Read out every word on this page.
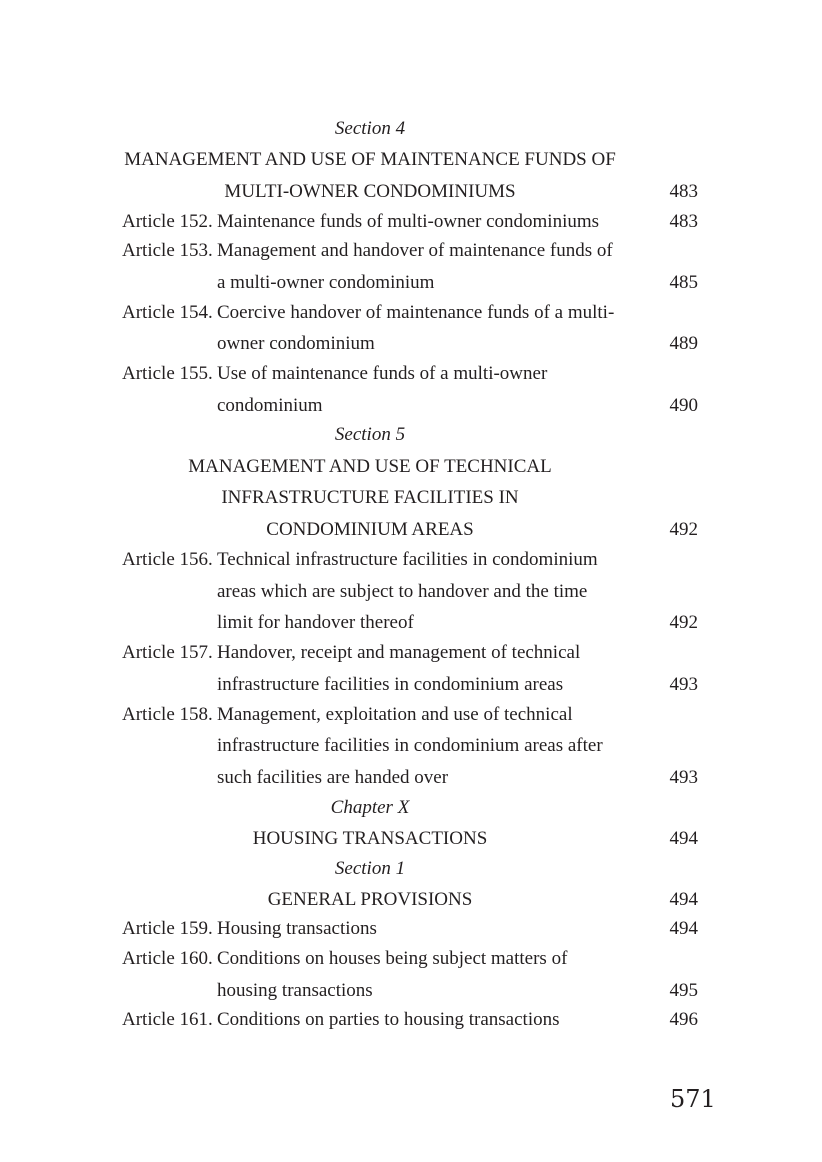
Section 4
MANAGEMENT AND USE OF MAINTENANCE FUNDS OF
MULTI-OWNER CONDOMINIUMS	483
Article 152. Maintenance funds of multi-owner condominiums	483
Article 153. Management and handover of maintenance funds of
a multi-owner condominium	485
Article 154. Coercive handover of maintenance funds of a multi-
owner condominium	489
Article 155. Use of maintenance funds of a multi-owner
condominium	490
Section 5
MANAGEMENT AND USE OF TECHNICAL
INFRASTRUCTURE FACILITIES IN
CONDOMINIUM AREAS	492
Article 156. Technical infrastructure facilities in condominium
areas which are subject to handover and the time
limit for handover thereof	492
Article 157. Handover, receipt and management of technical
infrastructure facilities in condominium areas	493
Article 158. Management, exploitation and use of technical
infrastructure facilities in condominium areas after
such facilities are handed over	493
Chapter X
HOUSING TRANSACTIONS	494
Section 1
GENERAL PROVISIONS	494
Article 159. Housing transactions	494
Article 160. Conditions on houses being subject matters of
housing transactions	495
Article 161. Conditions on parties to housing transactions	496
571
